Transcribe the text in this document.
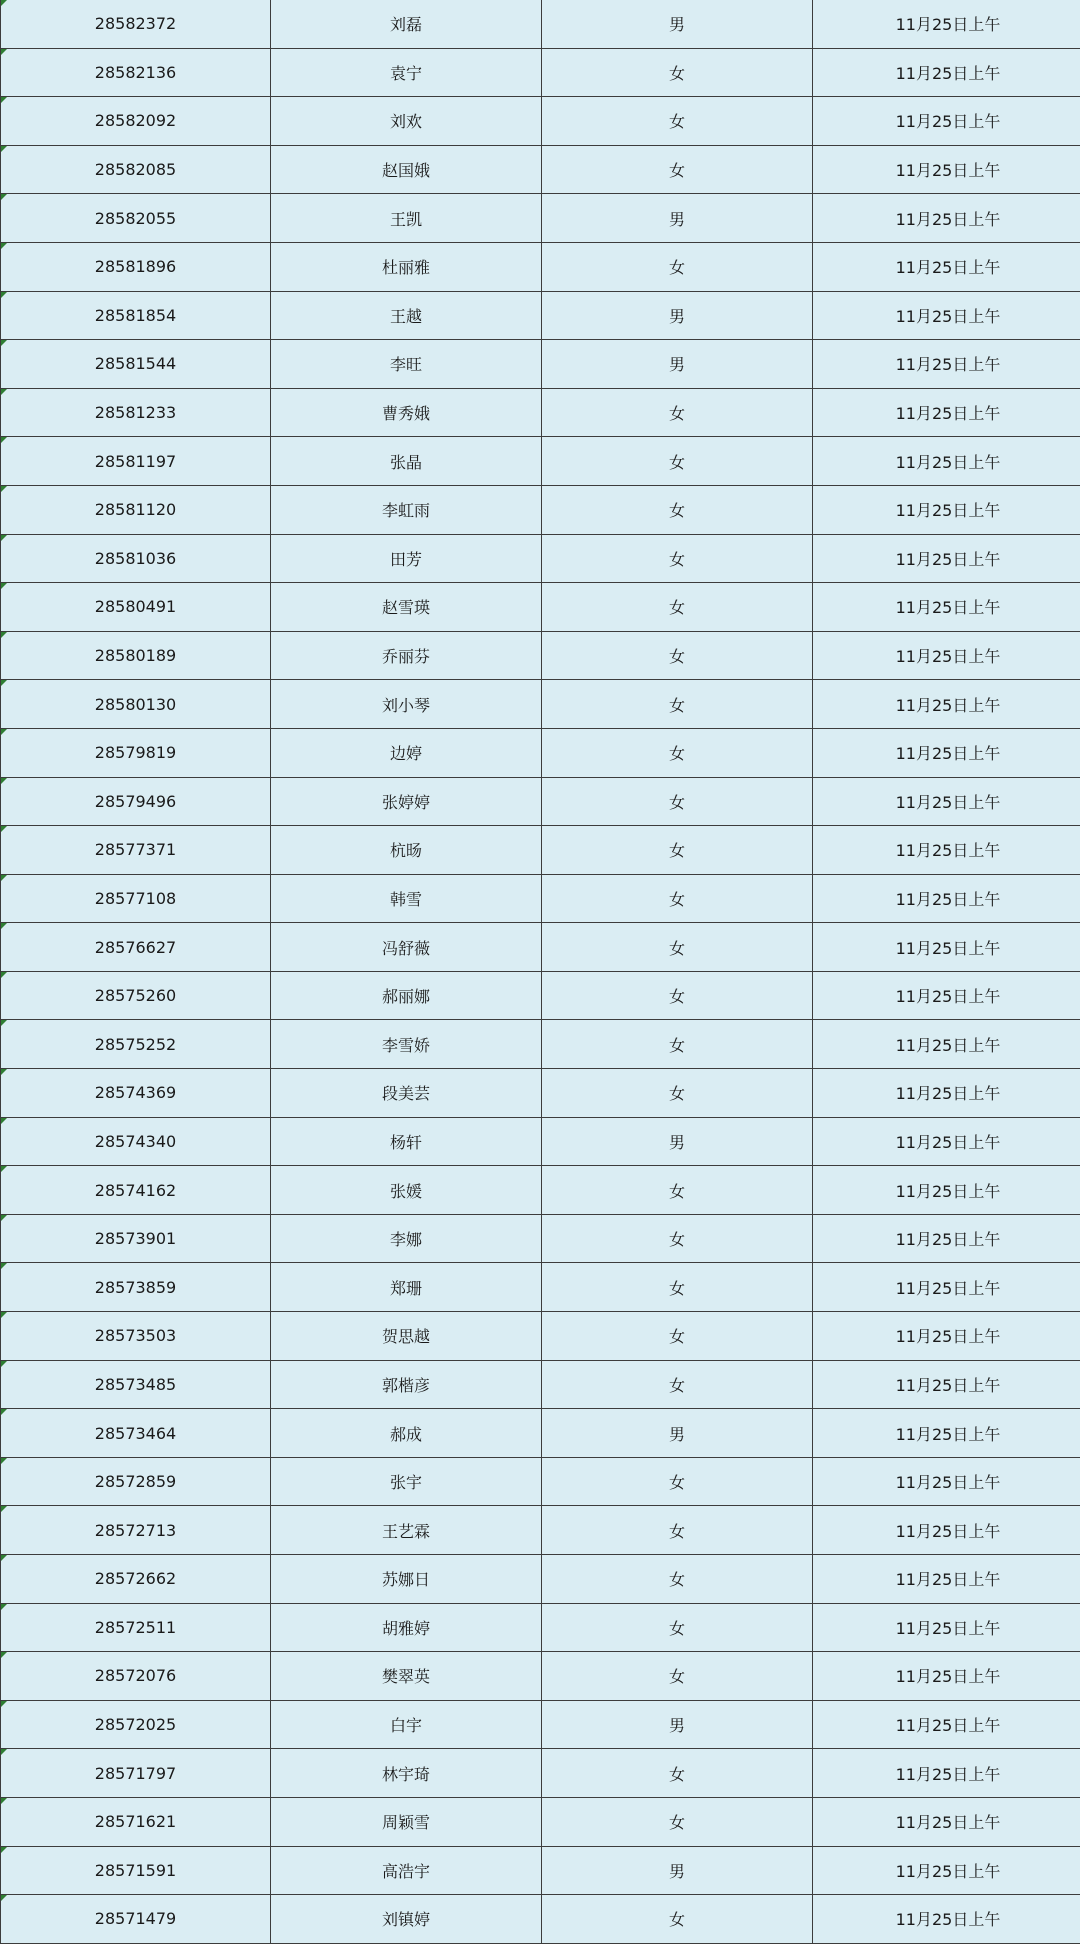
28582372	刘磊	男	11月25日上午
28582136	袁宁	女	11月25日上午
28582092	刘欢	女	11月25日上午
28582085	赵国娥	女	11月25日上午
28582055	王凯	男	11月25日上午
28581896	杜丽雅	女	11月25日上午
28581854	王越	男	11月25日上午
28581544	李旺	男	11月25日上午
28581233	曹秀娥	女	11月25日上午
28581197	张晶	女	11月25日上午
28581120	李虹雨	女	11月25日上午
28581036	田芳	女	11月25日上午
28580491	赵雪瑛	女	11月25日上午
28580189	乔丽芬	女	11月25日上午
28580130	刘小琴	女	11月25日上午
28579819	边婷	女	11月25日上午
28579496	张婷婷	女	11月25日上午
28577371	杭旸	女	11月25日上午
28577108	韩雪	女	11月25日上午
28576627	冯舒薇	女	11月25日上午
28575260	郝丽娜	女	11月25日上午
28575252	李雪娇	女	11月25日上午
28574369	段美芸	女	11月25日上午
28574340	杨轩	男	11月25日上午
28574162	张媛	女	11月25日上午
28573901	李娜	女	11月25日上午
28573859	郑珊	女	11月25日上午
28573503	贺思越	女	11月25日上午
28573485	郭楷彦	女	11月25日上午
28573464	郝成	男	11月25日上午
28572859	张宇	女	11月25日上午
28572713	王艺霖	女	11月25日上午
28572662	苏娜日	女	11月25日上午
28572511	胡雅婷	女	11月25日上午
28572076	樊翠英	女	11月25日上午
28572025	白宇	男	11月25日上午
28571797	林宇琦	女	11月25日上午
28571621	周颖雪	女	11月25日上午
28571591	高浩宇	男	11月25日上午
28571479	刘镇婷	女	11月25日上午
